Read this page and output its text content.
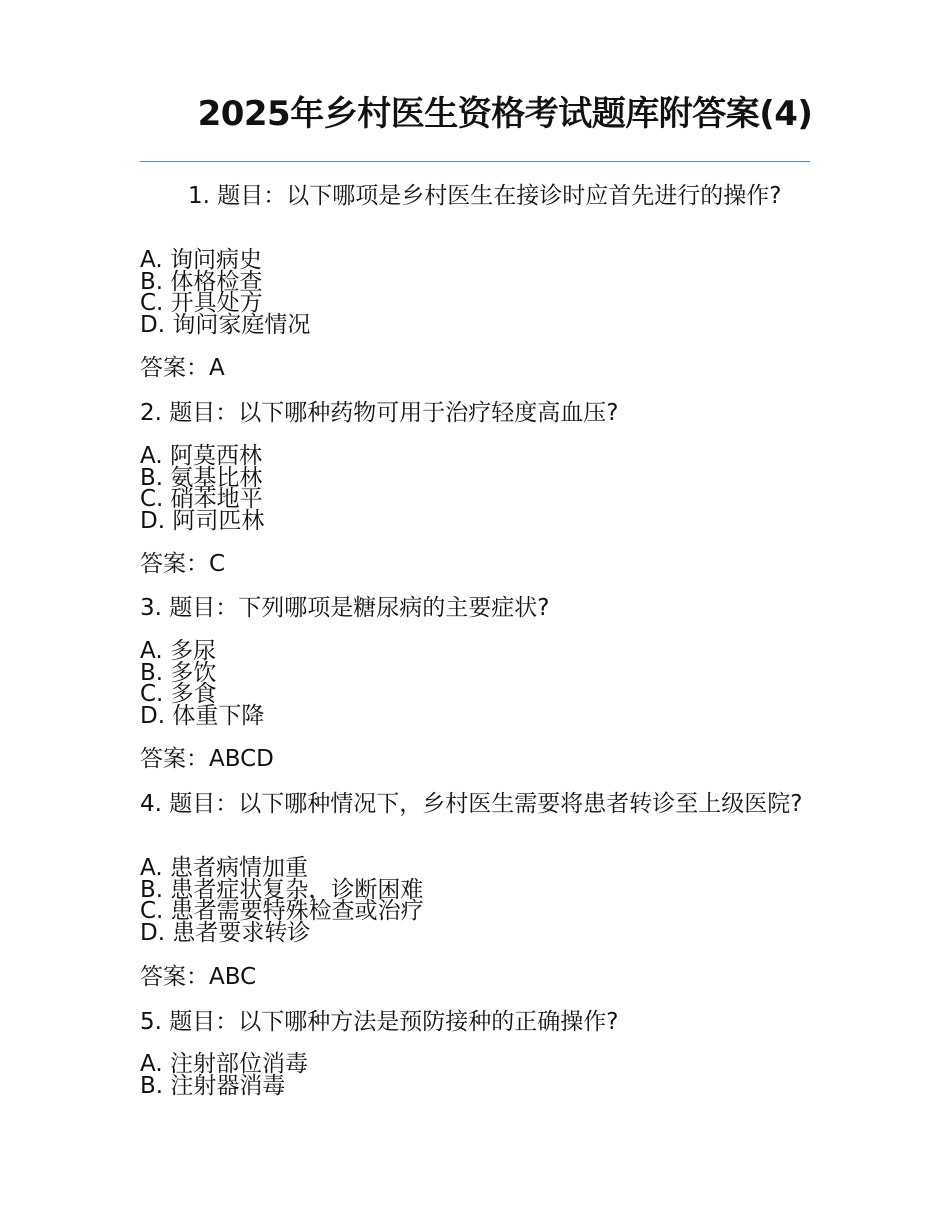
2025年乡村医生资格考试题库附答案(4)
1. 题目：以下哪项是乡村医生在接诊时应首先进行的操作?
A. 询问病史
B. 体格检查
C. 开具处方
D. 询问家庭情况
答案：A
2. 题目：以下哪种药物可用于治疗轻度高血压?
A. 阿莫西林
B. 氨基比林
C. 硝苯地平
D. 阿司匹林
答案：C
3. 题目：下列哪项是糖尿病的主要症状?
A. 多尿
B. 多饮
C. 多食
D. 体重下降
答案：ABCD
4. 题目：以下哪种情况下，乡村医生需要将患者转诊至上级医院?
A. 患者病情加重
B. 患者症状复杂，诊断困难
C. 患者需要特殊检查或治疗
D. 患者要求转诊
答案：ABC
5. 题目：以下哪种方法是预防接种的正确操作?
A. 注射部位消毒
B. 注射器消毒
